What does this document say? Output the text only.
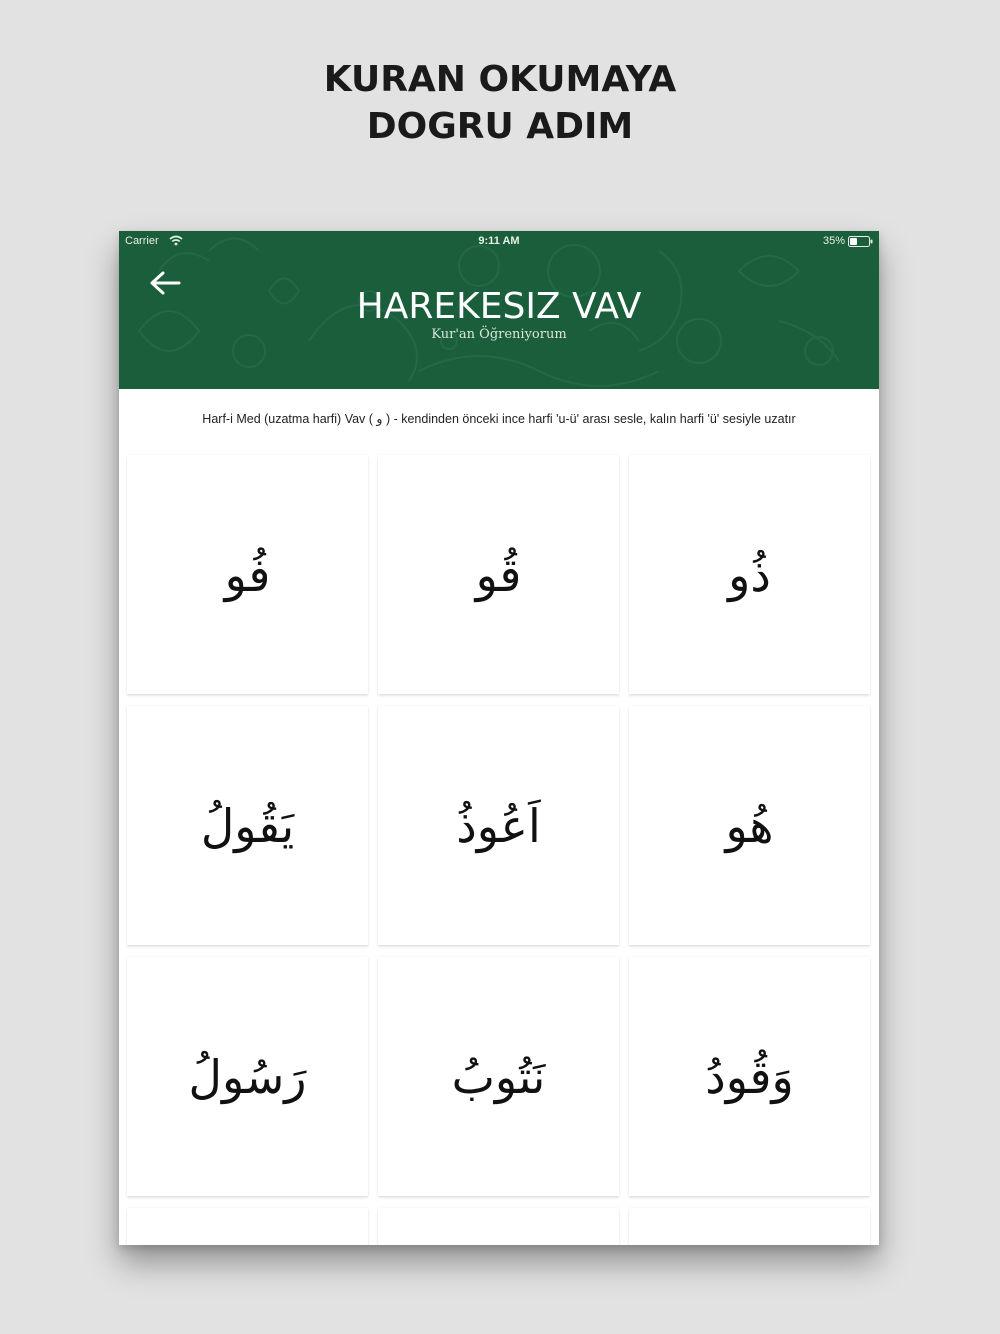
KURAN OKUMAYA
DOGRU ADIM
Carrier	9:11 AM	35%
HAREKESIZ VAV
Kur'an Öğreniyorum
Harf-i Med (uzatma harfi) Vav ( و ) - kendinden önceki ince harfi 'u-ü' arası sesle, kalın harfi 'ü' sesiyle uzatır
فُو	قُو	ذُو
يَقُولُ	اَعُوذُ	هُو
رَسُولُ	نَتُوبُ	وَقُودُ
